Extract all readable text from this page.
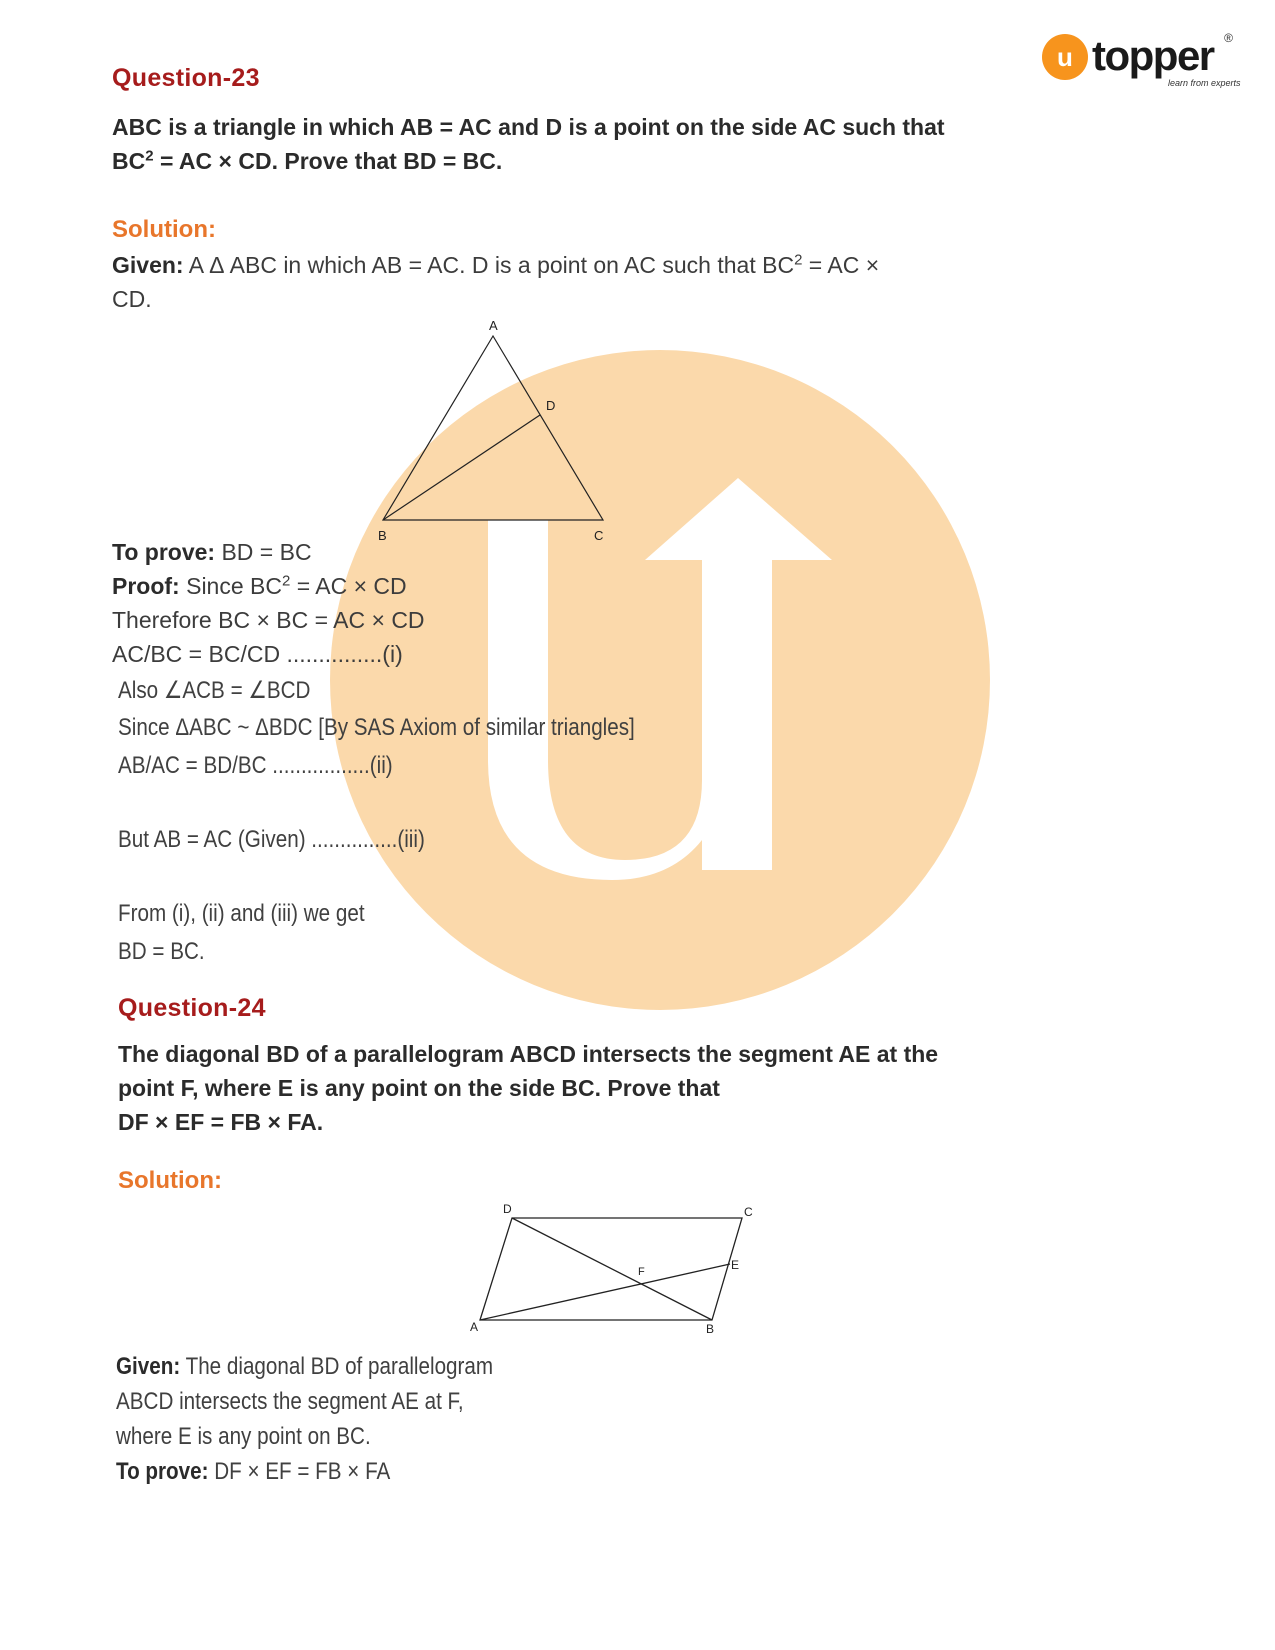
u
®
topper
learn from experts
Question-23
ABC is a triangle in which AB = AC and D is a point on the side AC such that
$BC^2$ = AC × CD. Prove that BD = BC.
Solution:
Given: A Δ ABC in which AB = AC. D is a point on AC such that $BC^2$ = AC ×
CD.
A
B	C
D
To prove: BD = BC
Proof: Since $BC^2$ = AC × CD
Therefore BC × BC = AC × CD
AC/BC = BC/CD ...............(i)
Also ∠ACB = ∠BCD
Since ΔABC ~ ΔBDC [By SAS Axiom of similar triangles]
AB/AC = BD/BC .................(ii)
But AB = AC (Given) ...............(iii)
From (i), (ii) and (iii) we get
BD = BC.
Question-24
The diagonal BD of a parallelogram ABCD intersects the segment AE at the
point F, where E is any point on the side BC. Prove that
DF × EF = FB × FA.
Solution:
D	C
E
F
A	B
Given: The diagonal BD of parallelogram
ABCD intersects the segment AE at F,
where E is any point on BC.
To prove: DF × EF = FB × FA
